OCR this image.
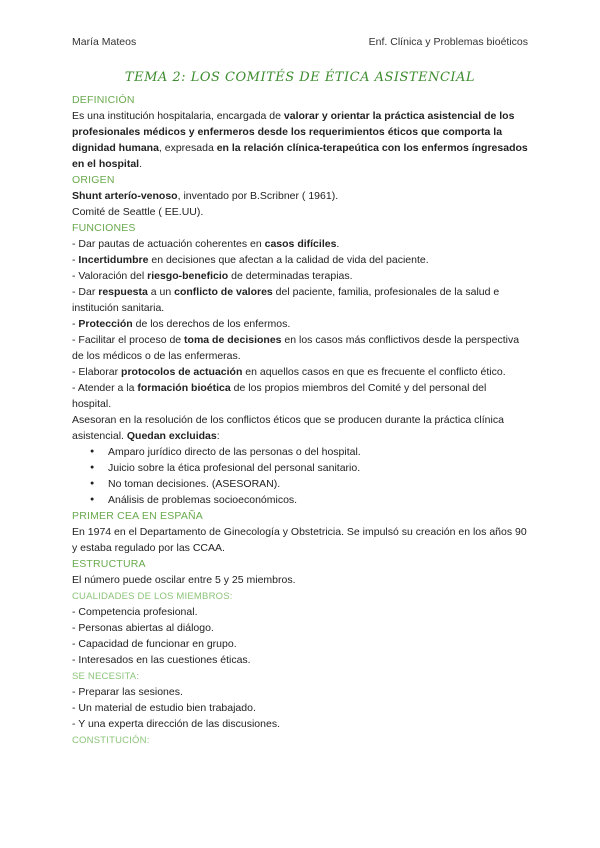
María Mateos	Enf. Clínica y Problemas bioéticos
TEMA 2: LOS COMITÉS DE ÉTICA ASISTENCIAL
DEFINICIÓN

Es una institución hospitalaria, encargada de valorar y orientar la práctica asistencial de los profesionales médicos y enfermeros desde los requerimientos éticos que comporta la dignidad humana, expresada en la relación clínica-terapeútica con los enfermos íngresados en el hospital.

ORIGEN

Shunt arterío-venoso, inventado por B.Scribner ( 1961).

Comité de Seattle ( EE.UU).

FUNCIONES

- Dar pautas de actuación coherentes en casos difíciles.

- Incertidumbre en decisiones que afectan a la calidad de vida del paciente.

- Valoración del riesgo-beneficio de determinadas terapias.

- Dar respuesta a un conflicto de valores del paciente, familia, profesionales de la salud e institución sanitaria.

- Protección de los derechos de los enfermos.

- Facilitar el proceso de toma de decisiones en los casos más conflictivos desde la perspectiva de los médicos o de las enfermeras.

- Elaborar protocolos de actuación en aquellos casos en que es frecuente el conflicto ético.

- Atender a la formación bioética de los propios miembros del Comité y del personal del hospital.

Asesoran en la resolución de los conflictos éticos que se producen durante la práctica clínica asistencial. Quedan excluidas:

● Amparo jurídico directo de las personas o del hospital.
● Juicio sobre la ética profesional del personal sanitario.
● No toman decisiones. (ASESORAN).
● Análisis de problemas socioeconómicos.
PRIMER CEA EN ESPAÑA

En 1974 en el Departamento de Ginecología y Obstetricia. Se impulsó su creación en los años 90 y estaba regulado por las CCAA.

ESTRUCTURA

El número puede oscilar entre 5 y 25 miembros.

CUALIDADES DE LOS MIEMBROS:

- Competencia profesional.

- Personas abiertas al diálogo.

- Capacidad de funcionar en grupo.

- Interesados en las cuestiones éticas.

SE NECESITA:

- Preparar las sesiones.

- Un material de estudio bien trabajado.

- Y una experta dirección de las discusiones.

CONSTITUCIÓN:
